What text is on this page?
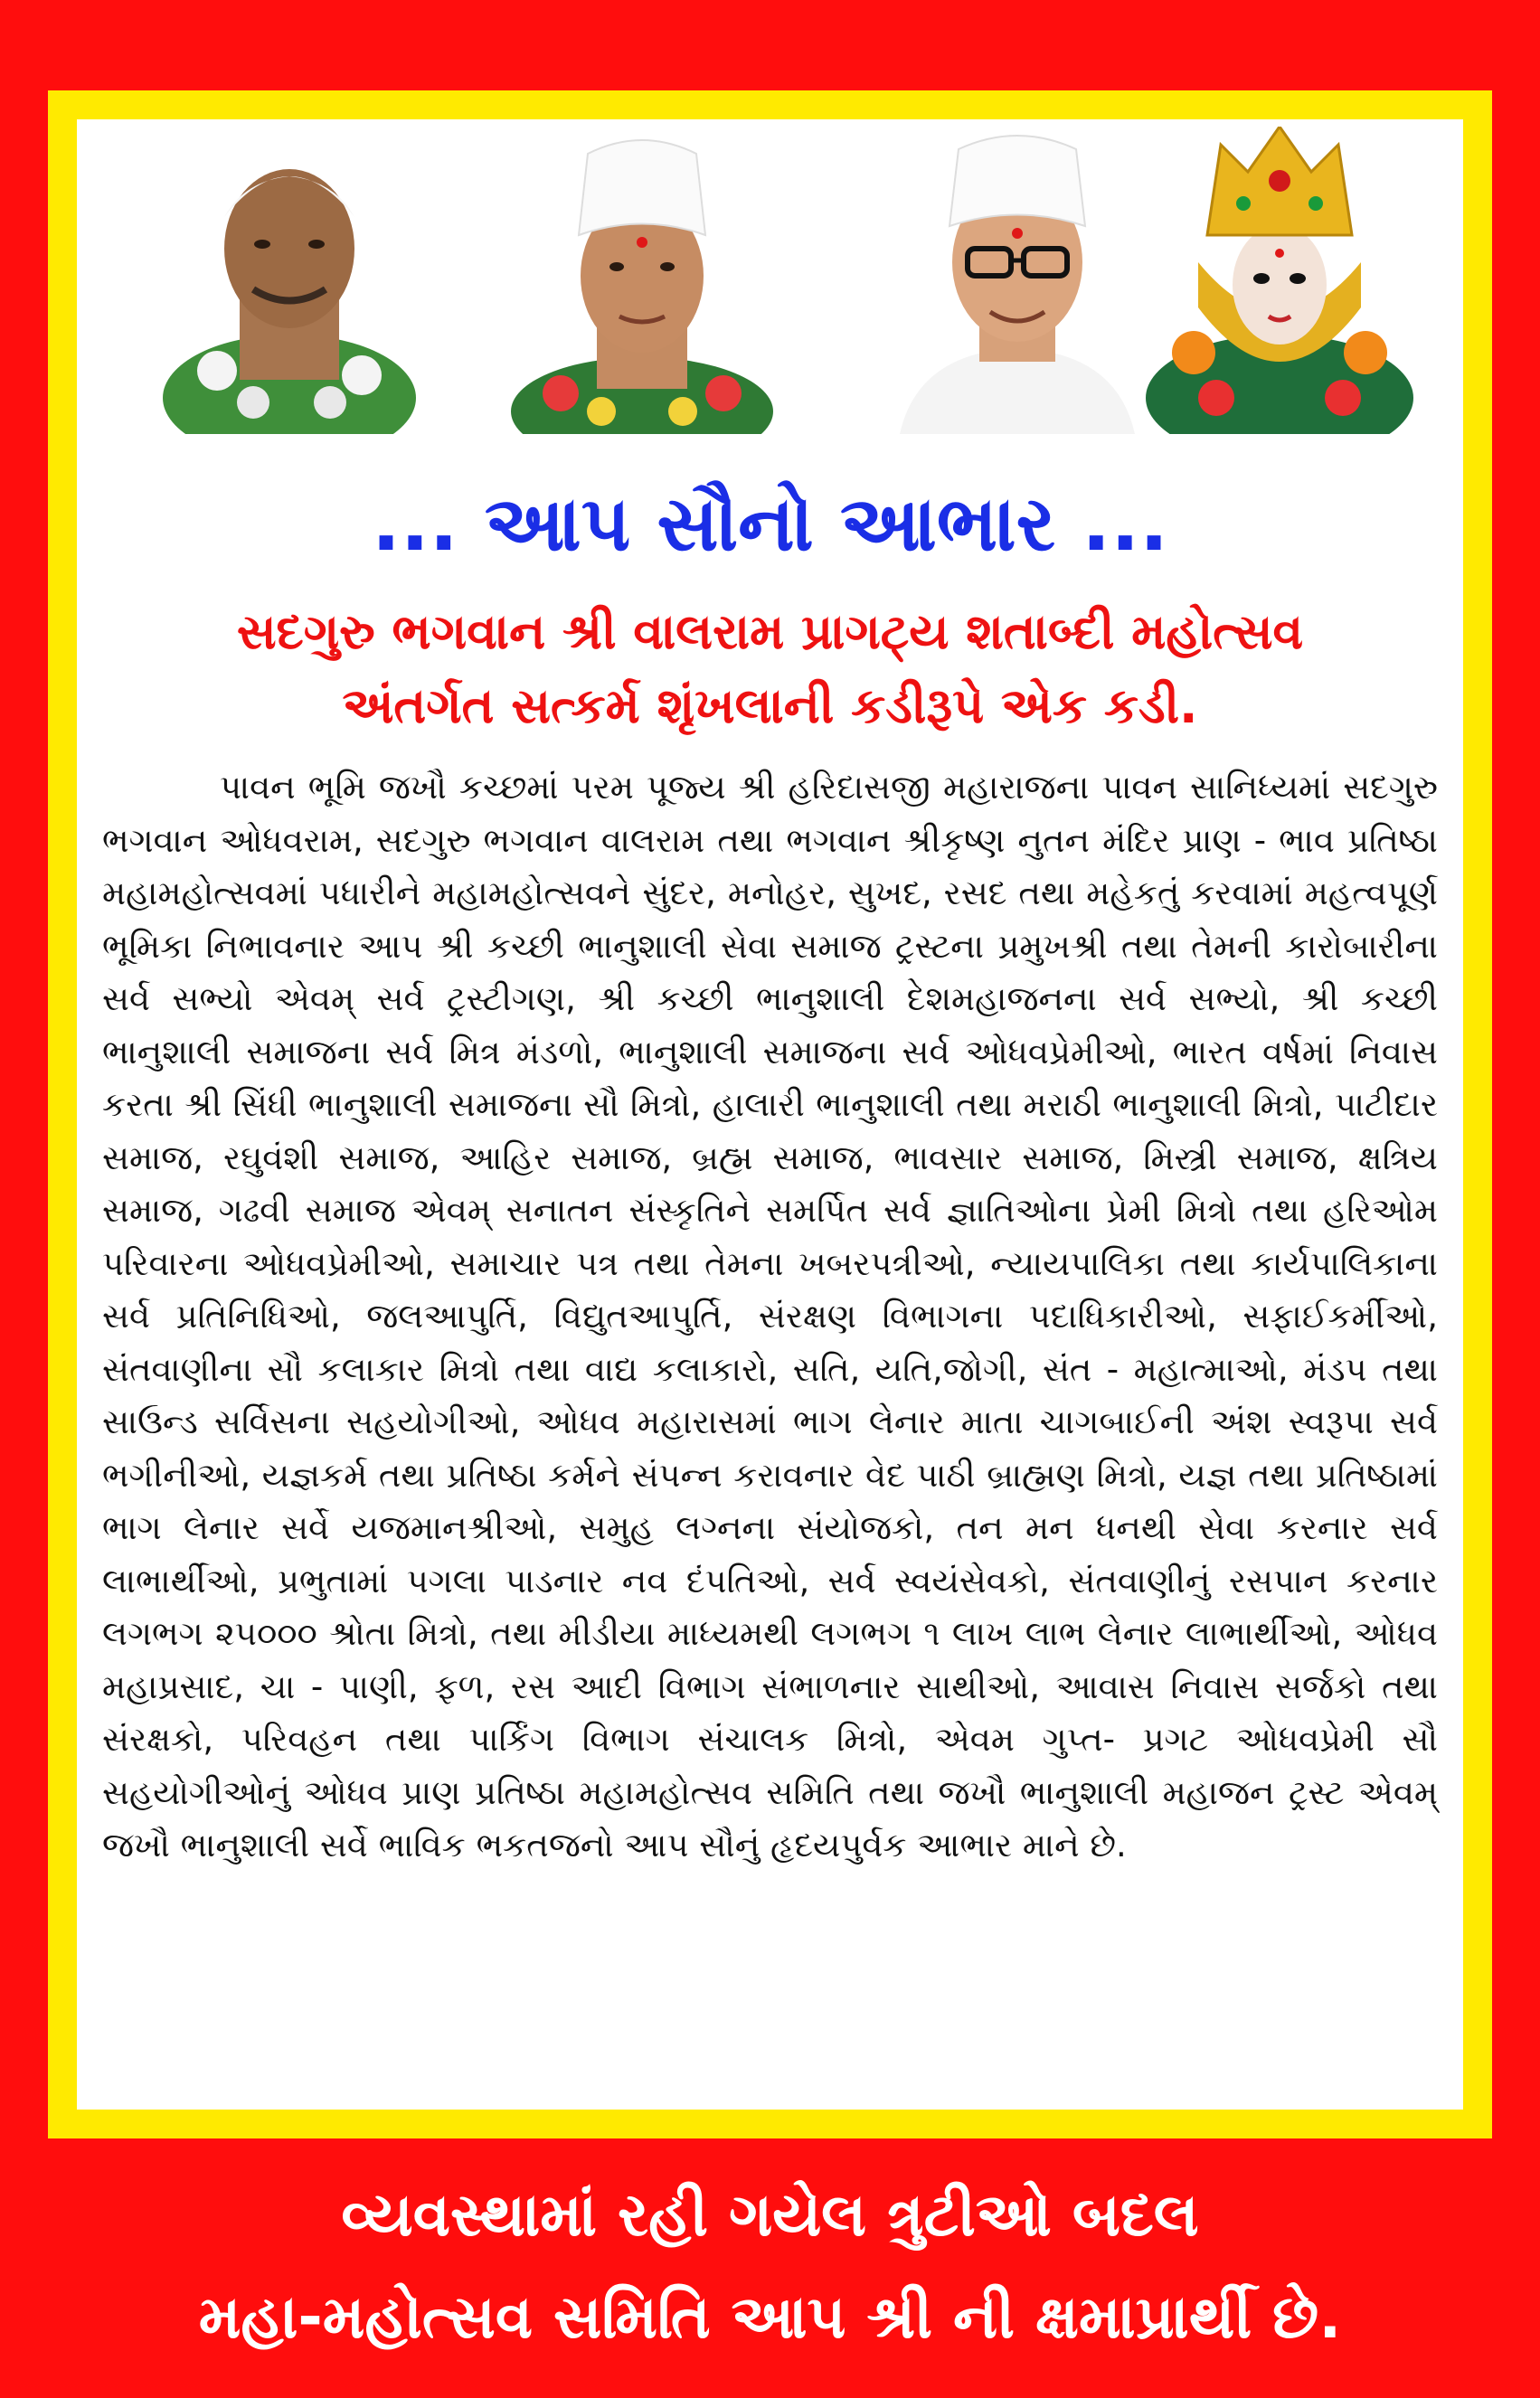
... આપ સૌનો આભાર ...
સદગુરુ ભગવાન શ્રી વાલરામ પ્રાગટ્ય શતાબ્દી મહોત્સવ
અંતર્ગત સત્કર્મ શૃંખલાની કડીરૂપે એક કડી.

પાવન ભૂમિ જખૌ કચ્છમાં પરમ પૂજ્ય શ્રી હરિદાસજી મહારાજના પાવન સાનિધ્યમાં સદગુરુ ભગવાન ઓધવરામ, સદગુરુ ભગવાન વાલરામ તથા ભગવાન શ્રીકૃષ્ણ નુતન મંદિર પ્રાણ - ભાવ પ્રતિષ્ઠા મહામહોત્સવમાં પધારીને મહામહોત્સવને સુંદર, મનોહર, સુખદ, રસદ તથા મહેકતું કરવામાં મહત્વપૂર્ણ ભૂમિકા નિભાવનાર આપ શ્રી કચ્છી ભાનુશાલી સેવા સમાજ ટ્રસ્ટના પ્રમુખશ્રી તથા તેમની કારોબારીના સર્વ સભ્યો એવમ્ સર્વ ટ્રસ્ટીગણ, શ્રી કચ્છી ભાનુશાલી દેશમહાજનના સર્વ સભ્યો, શ્રી કચ્છી ભાનુશાલી સમાજના સર્વ મિત્ર મંડળો, ભાનુશાલી સમાજના સર્વ ઓધવપ્રેમીઓ, ભારત વર્ષમાં નિવાસ કરતા શ્રી સિંધી ભાનુશાલી સમાજના સૌ મિત્રો, હાલારી ભાનુશાલી તથા મરાઠી ભાનુશાલી મિત્રો, પાટીદાર સમાજ, રઘુવંશી સમાજ, આહિર સમાજ, બ્રહ્મ સમાજ, ભાવસાર સમાજ, મિસ્ત્રી સમાજ, ક્ષત્રિય સમાજ, ગઢવી સમાજ એવમ્ સનાતન સંસ્કૃતિને સમર્પિત સર્વ જ્ઞાતિઓના પ્રેમી મિત્રો તથા હરિઓમ પરિવારના ઓધવપ્રેમીઓ, સમાચાર પત્ર તથા તેમના ખબરપત્રીઓ, ન્યાયપાલિકા તથા કાર્યપાલિકાના સર્વ પ્રતિનિધિઓ, જલઆપુર્તિ, વિદ્યુતઆપુર્તિ, સંરક્ષણ વિભાગના પદાધિકારીઓ, સફાઈકર્મીઓ, સંતવાણીના સૌ કલાકાર મિત્રો તથા વાદ્ય કલાકારો, સતિ, યતિ,જોગી, સંત - મહાત્માઓ, મંડપ તથા સાઉન્ડ સર્વિસના સહયોગીઓ, ઓધવ મહારાસમાં ભાગ લેનાર માતા ચાગબાઈની અંશ સ્વરૂપા સર્વ ભગીનીઓ, યજ્ઞકર્મ તથા પ્રતિષ્ઠા કર્મને સંપન્ન કરાવનાર વેદ પાઠી બ્રાહ્મણ મિત્રો, યજ્ઞ તથા પ્રતિષ્ઠામાં ભાગ લેનાર સર્વે યજમાનશ્રીઓ, સમુહ લગ્નના સંયોજકો, તન મન ધનથી સેવા કરનાર સર્વ લાભાર્થીઓ, પ્રભુતામાં પગલા પાડનાર નવ દંપતિઓ, સર્વ સ્વયંસેવકો, સંતવાણીનું રસપાન કરનાર લગભગ ૨૫૦૦૦ શ્રોતા મિત્રો, તથા મીડીયા માધ્યમથી લગભગ ૧ લાખ લાભ લેનાર લાભાર્થીઓ, ઓધવ મહાપ્રસાદ, ચા - પાણી, ફળ, રસ આદી વિભાગ સંભાળનાર સાથીઓ, આવાસ નિવાસ સર્જકો તથા સંરક્ષકો, પરિવહન તથા પાર્કિંગ વિભાગ સંચાલક મિત્રો, એવમ ગુપ્ત- પ્રગટ ઓધવપ્રેમી સૌ સહયોગીઓનું ઓધવ પ્રાણ પ્રતિષ્ઠા મહામહોત્સવ સમિતિ તથા જખૌ ભાનુશાલી મહાજન ટ્રસ્ટ એવમ્ જખૌ ભાનુશાલી સર્વે ભાવિક ભકતજનો આપ સૌનું હૃદયપુર્વક આભાર માને છે.

વ્યવસ્થામાં રહી ગયેલ ત્રુટીઓ બદલ
મહા-મહોત્સવ સમિતિ આપ શ્રી ની ક્ષમાપ્રાર્થી છે.
